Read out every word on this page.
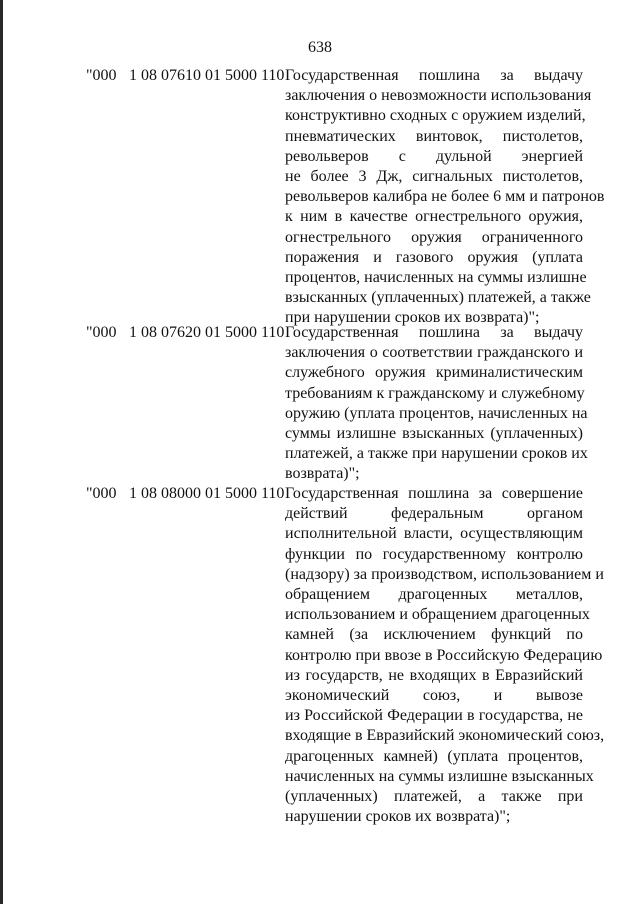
638
"000 1 08 07610 01 5000 110 Государственная пошлина за выдачу
заключения о невозможности использования
конструктивно сходных с оружием изделий,
пневматических винтовок, пистолетов,
револьверов с дульной энергией
не более 3 Дж, сигнальных пистолетов,
револьверов калибра не более 6 мм и патронов
к ним в качестве огнестрельного оружия,
огнестрельного оружия ограниченного
поражения и газового оружия (уплата
процентов, начисленных на суммы излишне
взысканных (уплаченных) платежей, а также
при нарушении сроков их возврата)";
"000 1 08 07620 01 5000 110 Государственная пошлина за выдачу
заключения о соответствии гражданского и
служебного оружия криминалистическим
требованиям к гражданскому и служебному
оружию (уплата процентов, начисленных на
суммы излишне взысканных (уплаченных)
платежей, а также при нарушении сроков их
возврата)";
"000 1 08 08000 01 5000 110 Государственная пошлина за совершение
действий федеральным органом
исполнительной власти, осуществляющим
функции по государственному контролю
(надзору) за производством, использованием и
обращением драгоценных металлов,
использованием и обращением драгоценных
камней (за исключением функций по
контролю при ввозе в Российскую Федерацию
из государств, не входящих в Евразийский
экономический союз, и вывозе
из Российской Федерации в государства, не
входящие в Евразийский экономический союз,
драгоценных камней) (уплата процентов,
начисленных на суммы излишне взысканных
(уплаченных) платежей, а также при
нарушении сроков их возврата)";
